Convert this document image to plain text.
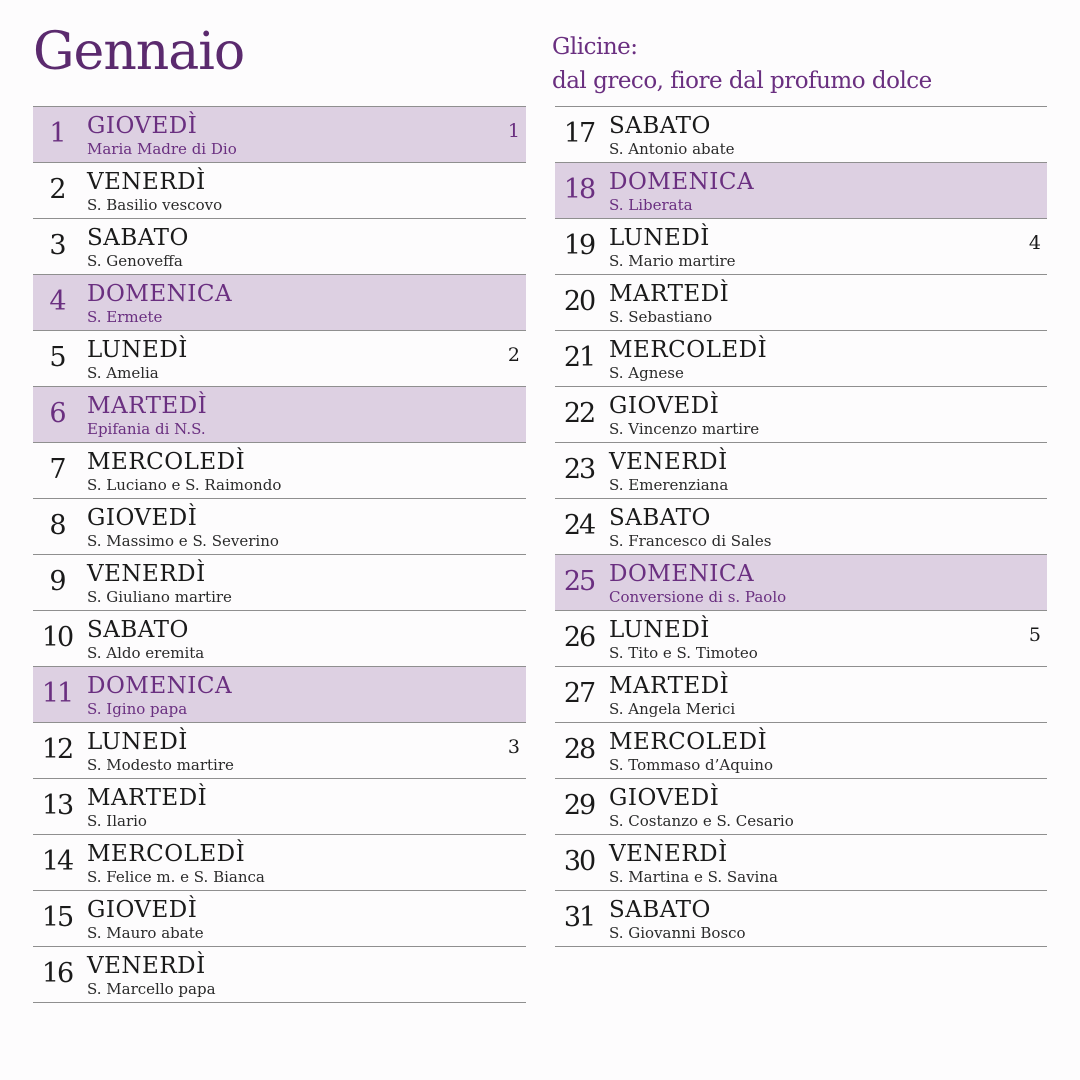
Gennaio	Glicine:
dal greco, fiore dal profumo dolce
1 GIOVEDÌ
Maria Madre di Dio
1
2 VENERDÌ
S. Basilio vescovo
3 SABATO
S. Genoveffa
4 DOMENICA
S. Ermete
5 LUNEDÌ
S. Amelia
2
6 MARTEDÌ
Epifania di N.S.
7 MERCOLEDÌ
S. Luciano e S. Raimondo
8 GIOVEDÌ
S. Massimo e S. Severino
9 VENERDÌ
S. Giuliano martire
10 SABATO
S. Aldo eremita
11 DOMENICA
S. Igino papa
12 LUNEDÌ
S. Modesto martire
3
13 MARTEDÌ
S. Ilario
14 MERCOLEDÌ
S. Felice m. e S. Bianca
15 GIOVEDÌ
S. Mauro abate
16 VENERDÌ
S. Marcello papa
17 SABATO
S. Antonio abate
18 DOMENICA
S. Liberata
19 LUNEDÌ
S. Mario martire
4
20 MARTEDÌ
S. Sebastiano
21 MERCOLEDÌ
S. Agnese
22 GIOVEDÌ
S. Vincenzo martire
23 VENERDÌ
S. Emerenziana
24 SABATO
S. Francesco di Sales
25 DOMENICA
Conversione di s. Paolo
26 LUNEDÌ
S. Tito e S. Timoteo
5
27 MARTEDÌ
S. Angela Merici
28 MERCOLEDÌ
S. Tommaso d’Aquino
29 GIOVEDÌ
S. Costanzo e S. Cesario
30 VENERDÌ
S. Martina e S. Savina
31 SABATO
S. Giovanni Bosco
